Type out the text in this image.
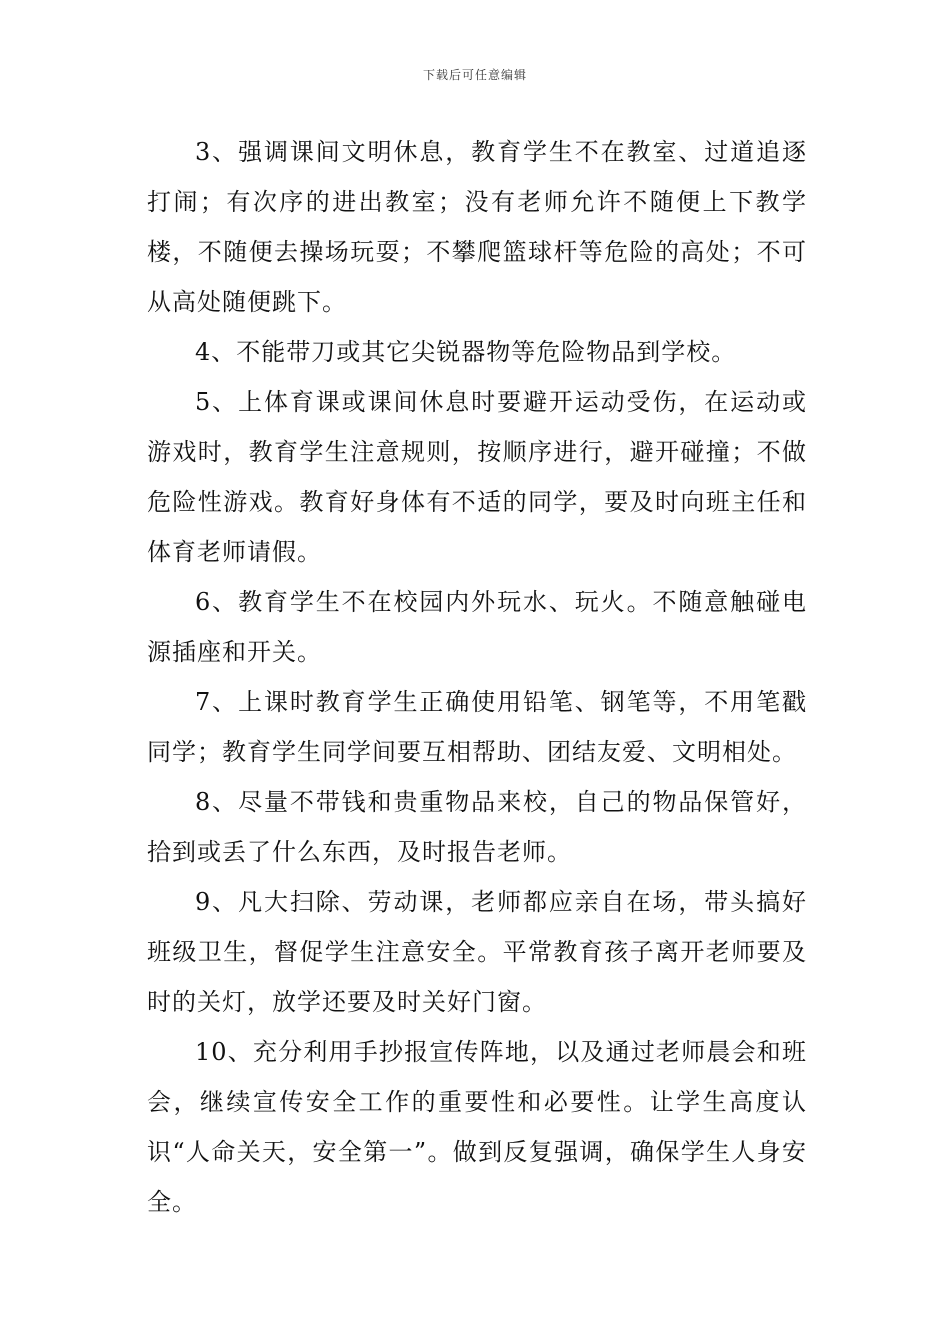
下载后可任意编辑

3、强调课间文明休息，教育学生不在教室、过道追逐打闹；有次序的进出教室；没有老师允许不随便上下教学楼，不随便去操场玩耍；不攀爬篮球杆等危险的高处；不可从高处随便跳下。

4、不能带刀或其它尖锐器物等危险物品到学校。

5、上体育课或课间休息时要避开运动受伤，在运动或游戏时，教育学生注意规则，按顺序进行，避开碰撞；不做危险性游戏。教育好身体有不适的同学，要及时向班主任和体育老师请假。

6、教育学生不在校园内外玩水、玩火。不随意触碰电源插座和开关。

7、上课时教育学生正确使用铅笔、钢笔等，不用笔戳同学；教育学生同学间要互相帮助、团结友爱、文明相处。

8、尽量不带钱和贵重物品来校，自己的物品保管好，拾到或丢了什么东西，及时报告老师。

9、凡大扫除、劳动课，老师都应亲自在场，带头搞好班级卫生，督促学生注意安全。平常教育孩子离开老师要及时的关灯，放学还要及时关好门窗。

10、充分利用手抄报宣传阵地，以及通过老师晨会和班会，继续宣传安全工作的重要性和必要性。让学生高度认识“人命关天，安全第一”。做到反复强调，确保学生人身安全。
